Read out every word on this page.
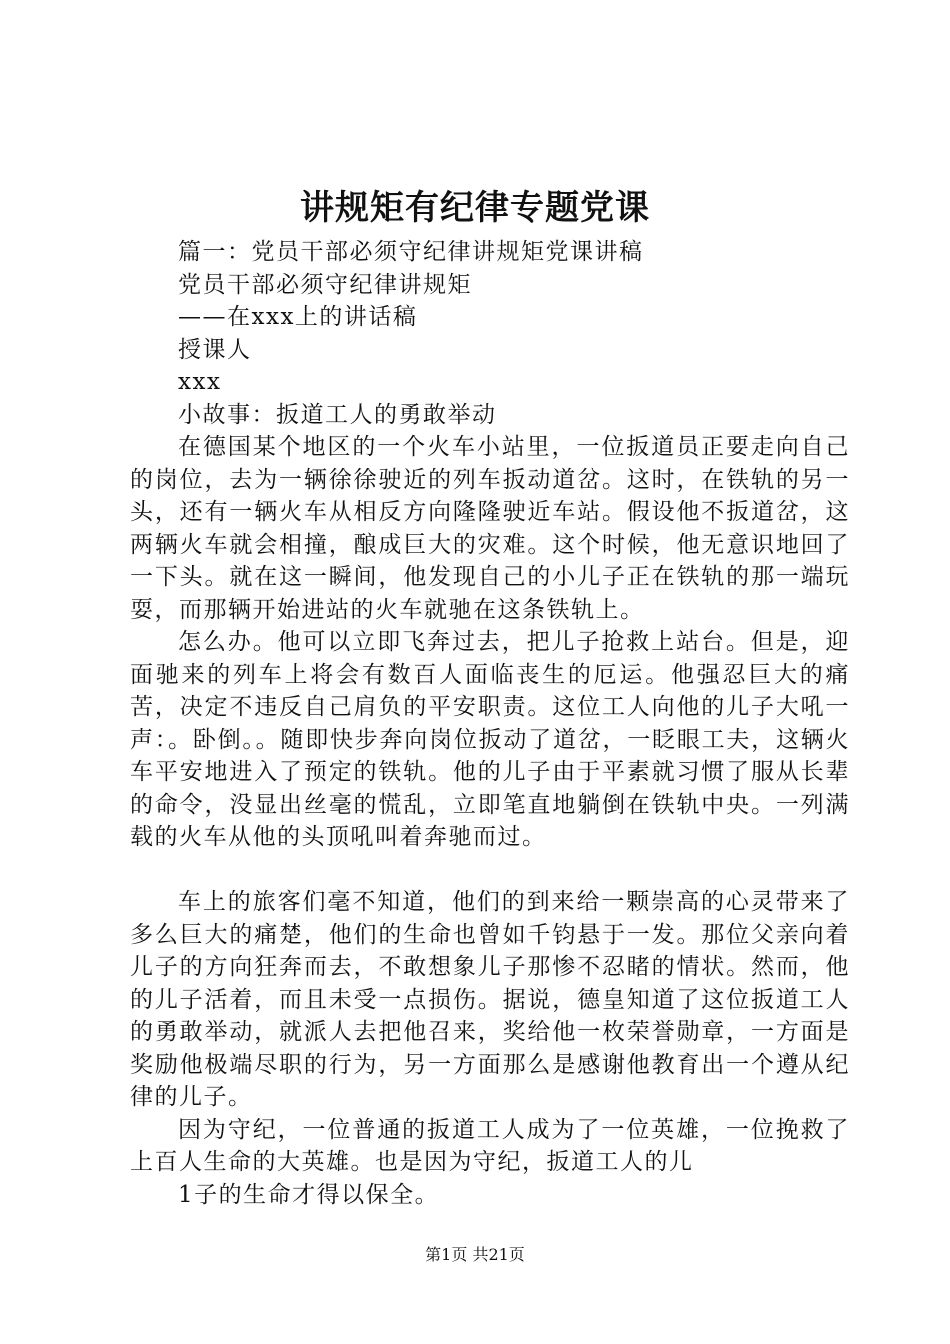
讲规矩有纪律专题党课
篇一：党员干部必须守纪律讲规矩党课讲稿
党员干部必须守纪律讲规矩
——在xxx上的讲话稿
授课人
xxx
小故事：扳道工人的勇敢举动

在德国某个地区的一个火车小站里，一位扳道员正要走向自己的岗位，去为一辆徐徐驶近的列车扳动道岔。这时，在铁轨的另一头，还有一辆火车从相反方向隆隆驶近车站。假设他不扳道岔，这两辆火车就会相撞，酿成巨大的灾难。这个时候，他无意识地回了一下头。就在这一瞬间，他发现自己的小儿子正在铁轨的那一端玩耍，而那辆开始进站的火车就驰在这条铁轨上。

怎么办。他可以立即飞奔过去，把儿子抢救上站台。但是，迎面驰来的列车上将会有数百人面临丧生的厄运。他强忍巨大的痛苦，决定不违反自己肩负的平安职责。这位工人向他的儿子大吼一声：。卧倒。。随即快步奔向岗位扳动了道岔，一眨眼工夫，这辆火车平安地进入了预定的铁轨。他的儿子由于平素就习惯了服从长辈的命令，没显出丝毫的慌乱，立即笔直地躺倒在铁轨中央。一列满载的火车从他的头顶吼叫着奔驰而过。

车上的旅客们毫不知道，他们的到来给一颗崇高的心灵带来了多么巨大的痛楚，他们的生命也曾如千钧悬于一发。那位父亲向着儿子的方向狂奔而去，不敢想象儿子那惨不忍睹的情状。然而，他的儿子活着，而且未受一点损伤。据说，德皇知道了这位扳道工人的勇敢举动，就派人去把他召来，奖给他一枚荣誉勋章，一方面是奖励他极端尽职的行为，另一方面那么是感谢他教育出一个遵从纪律的儿子。

因为守纪，一位普通的扳道工人成为了一位英雄，一位挽救了上百人生命的大英雄。也是因为守纪，扳道工人的儿

1子的生命才得以保全。
第1页 共21页
